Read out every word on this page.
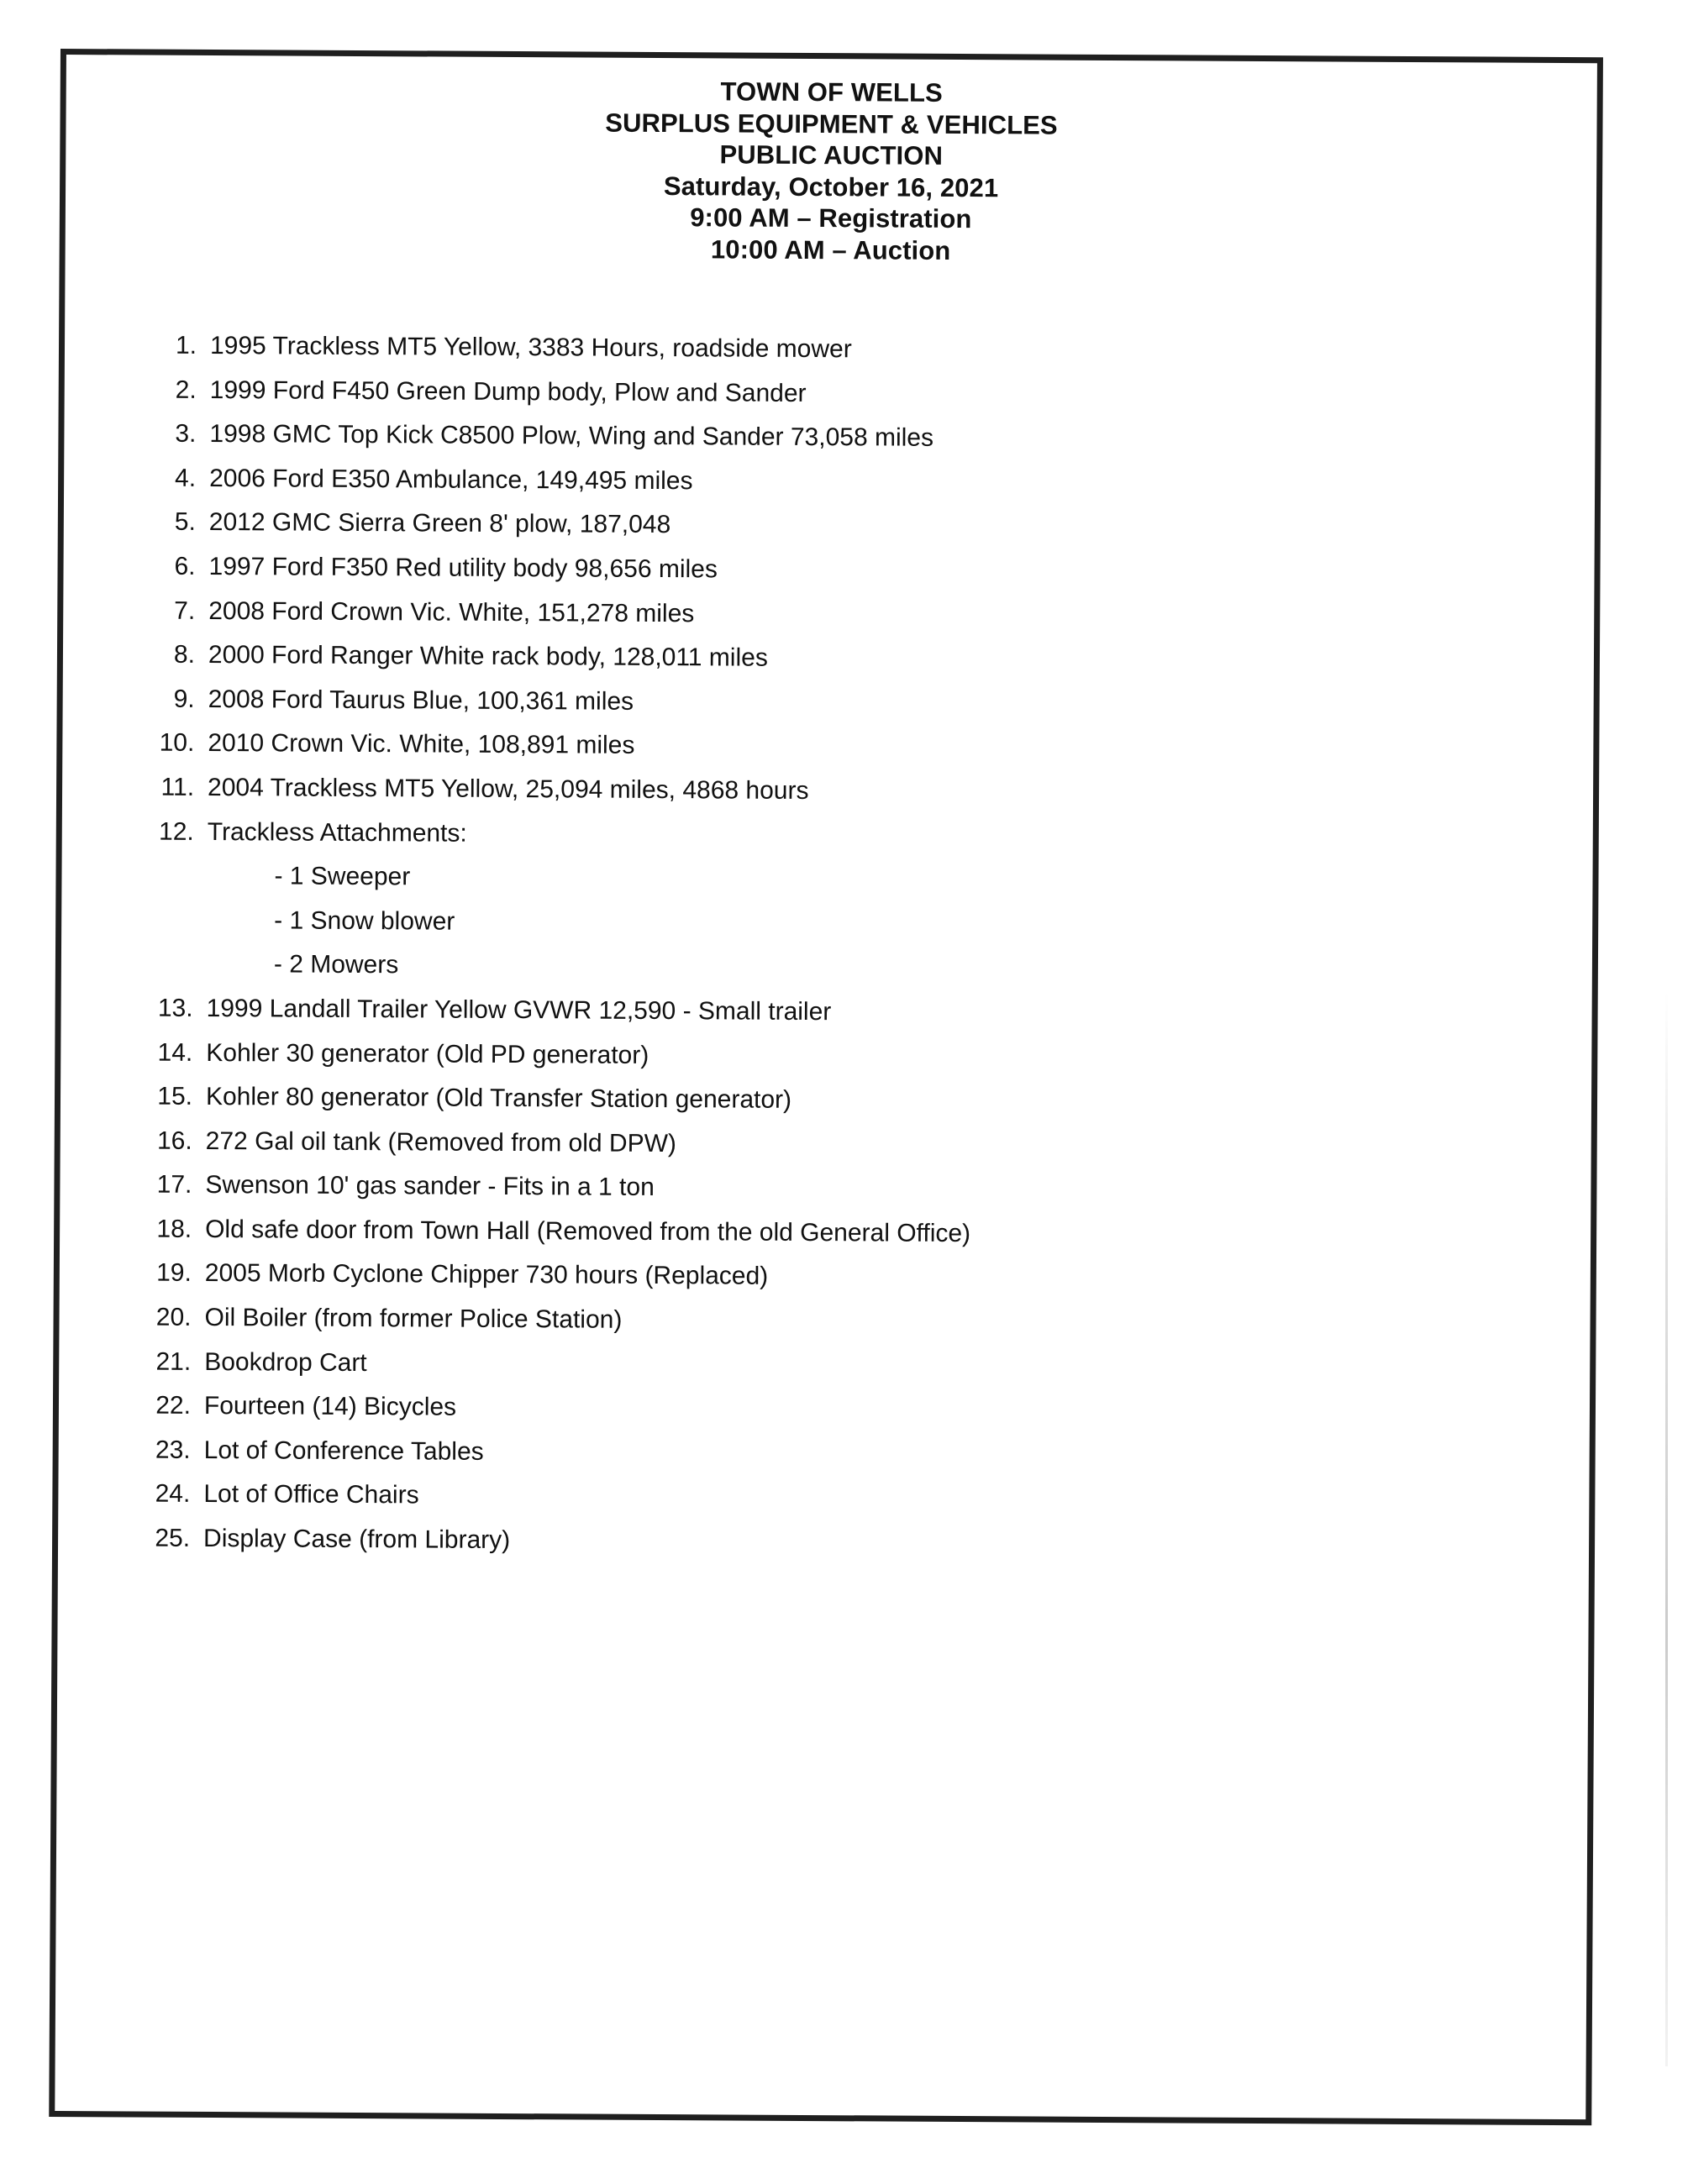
TOWN OF WELLS
SURPLUS EQUIPMENT & VEHICLES
PUBLIC AUCTION
Saturday, October 16, 2021
9:00 AM – Registration
10:00 AM – Auction
1. 1995 Trackless MT5 Yellow, 3383 Hours, roadside mower
2. 1999 Ford F450 Green Dump body, Plow and Sander
3. 1998 GMC Top Kick C8500 Plow, Wing and Sander 73,058 miles
4. 2006 Ford E350 Ambulance, 149,495 miles
5. 2012 GMC Sierra Green 8' plow, 187,048
6. 1997 Ford F350 Red utility body 98,656 miles
7. 2008 Ford Crown Vic. White, 151,278 miles
8. 2000 Ford Ranger White rack body, 128,011 miles
9. 2008 Ford Taurus Blue, 100,361 miles
10. 2010 Crown Vic. White, 108,891 miles
11. 2004 Trackless MT5 Yellow, 25,094 miles, 4868 hours
12. Trackless Attachments:
- 1 Sweeper
- 1 Snow blower
- 2 Mowers
13. 1999 Landall Trailer Yellow GVWR 12,590 - Small trailer
14. Kohler 30 generator (Old PD generator)
15. Kohler 80 generator (Old Transfer Station generator)
16. 272 Gal oil tank (Removed from old DPW)
17. Swenson 10' gas sander - Fits in a 1 ton
18. Old safe door from Town Hall (Removed from the old General Office)
19. 2005 Morb Cyclone Chipper 730 hours (Replaced)
20. Oil Boiler (from former Police Station)
21. Bookdrop Cart
22. Fourteen (14) Bicycles
23. Lot of Conference Tables
24. Lot of Office Chairs
25. Display Case (from Library)
